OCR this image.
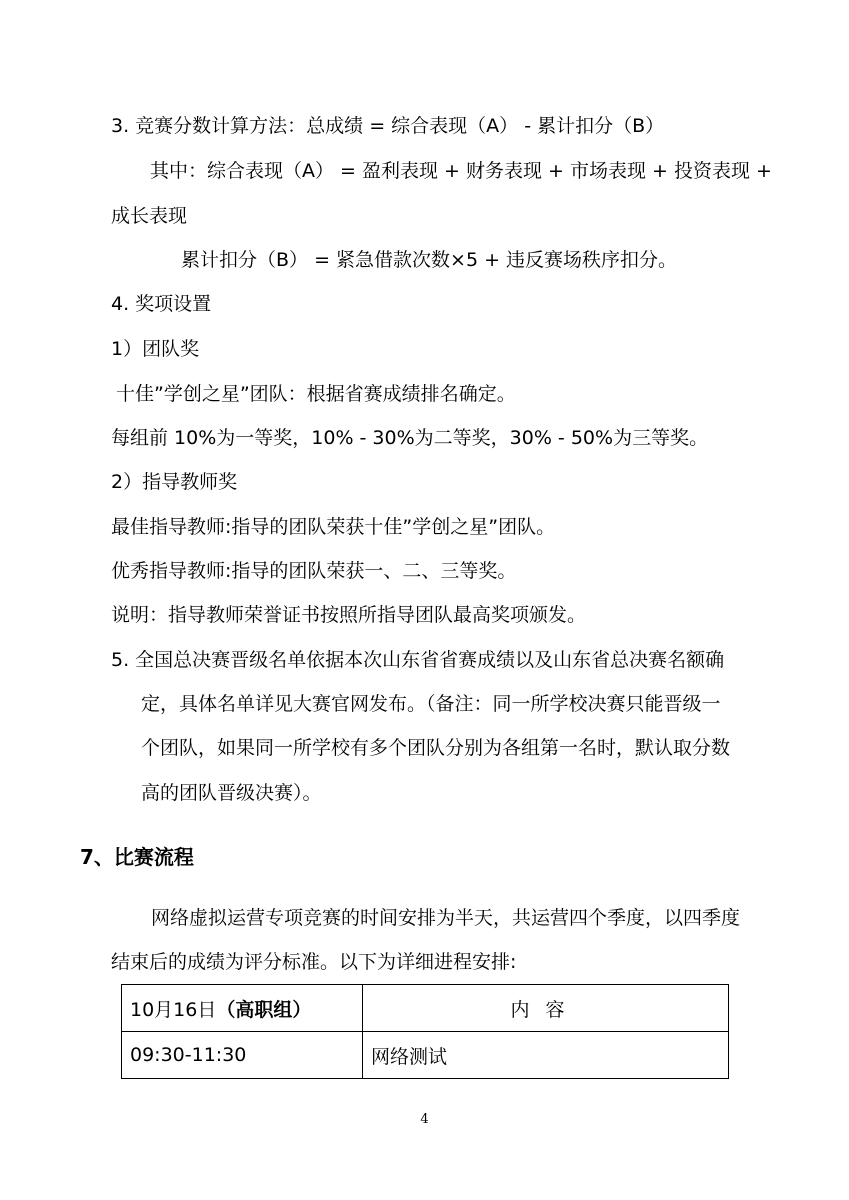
3. 竞赛分数计算方法：总成绩 = 综合表现（A） - 累计扣分（B）
其中：综合表现（A） = 盈利表现 + 财务表现 + 市场表现 + 投资表现 +
成长表现
累计扣分（B） = 紧急借款次数×5 + 违反赛场秩序扣分。
4. 奖项设置
1）团队奖
十佳”学创之星”团队：根据省赛成绩排名确定。
每组前 10%为一等奖，10% - 30%为二等奖，30% - 50%为三等奖。
2）指导教师奖
最佳指导教师:指导的团队荣获十佳”学创之星”团队。
优秀指导教师:指导的团队荣获一、二、三等奖。
说明：指导教师荣誉证书按照所指导团队最高奖项颁发。
5. 全国总决赛晋级名单依据本次山东省省赛成绩以及山东省总决赛名额确
定，具体名单详见大赛官网发布。（备注：同一所学校决赛只能晋级一
个团队，如果同一所学校有多个团队分别为各组第一名时，默认取分数
高的团队晋级决赛）。
7、比赛流程
网络虚拟运营专项竞赛的时间安排为半天，共运营四个季度，以四季度
结束后的成绩为评分标准。以下为详细进程安排:
10月16日（高职组）	内容
09:30-11:30	网络测试
4
